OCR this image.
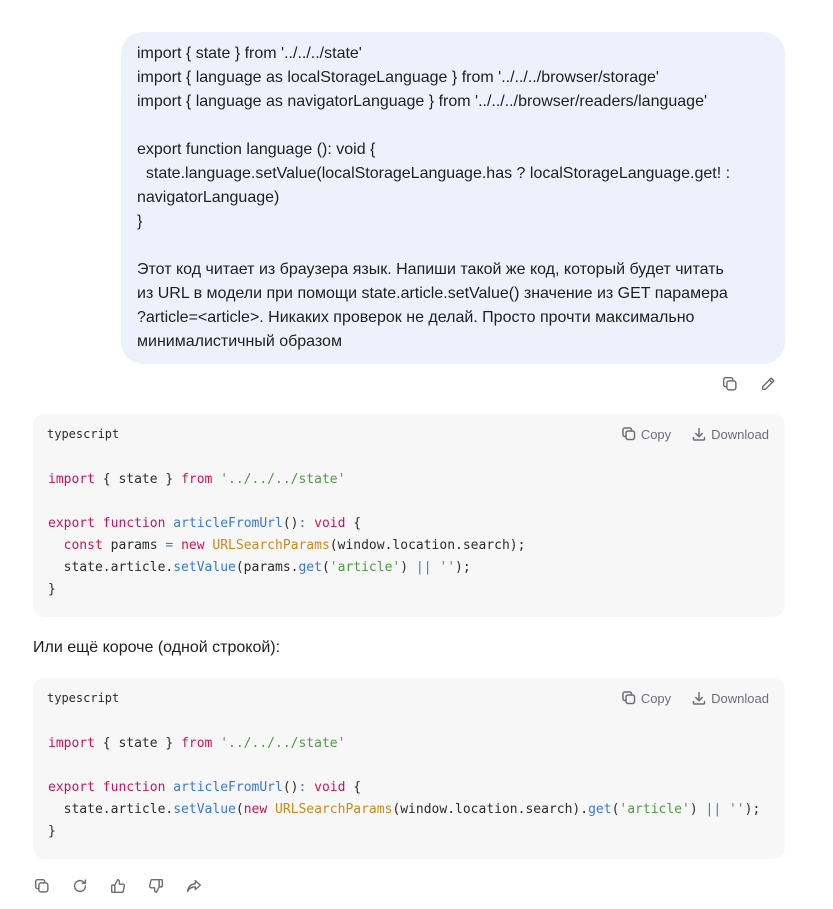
import { state } from '../../../state'
import { language as localStorageLanguage } from '../../../browser/storage'
import { language as navigatorLanguage } from '../../../browser/readers/language'
export function language (): void {
state.language.setValue(localStorageLanguage.has ? localStorageLanguage.get! :
navigatorLanguage)
}
Этот код читает из браузера язык. Напиши такой же код, который будет читать
из URL в модели при помощи state.article.setValue() значение из GET парамера
?article=<article>. Никаких проверок не делай. Просто прочти максимально
минималистичный образом
typescript	Copy	Download
import { state } from '../../../state'

export function articleFromUrl(): void {
const params = new URLSearchParams(window.location.search);
state.article.setValue(params.get('article') || '');
}
Или ещё короче (одной строкой):
typescript	Copy	Download
import { state } from '../../../state'

export function articleFromUrl(): void {
state.article.setValue(new URLSearchParams(window.location.search).get('article') || '');
}
